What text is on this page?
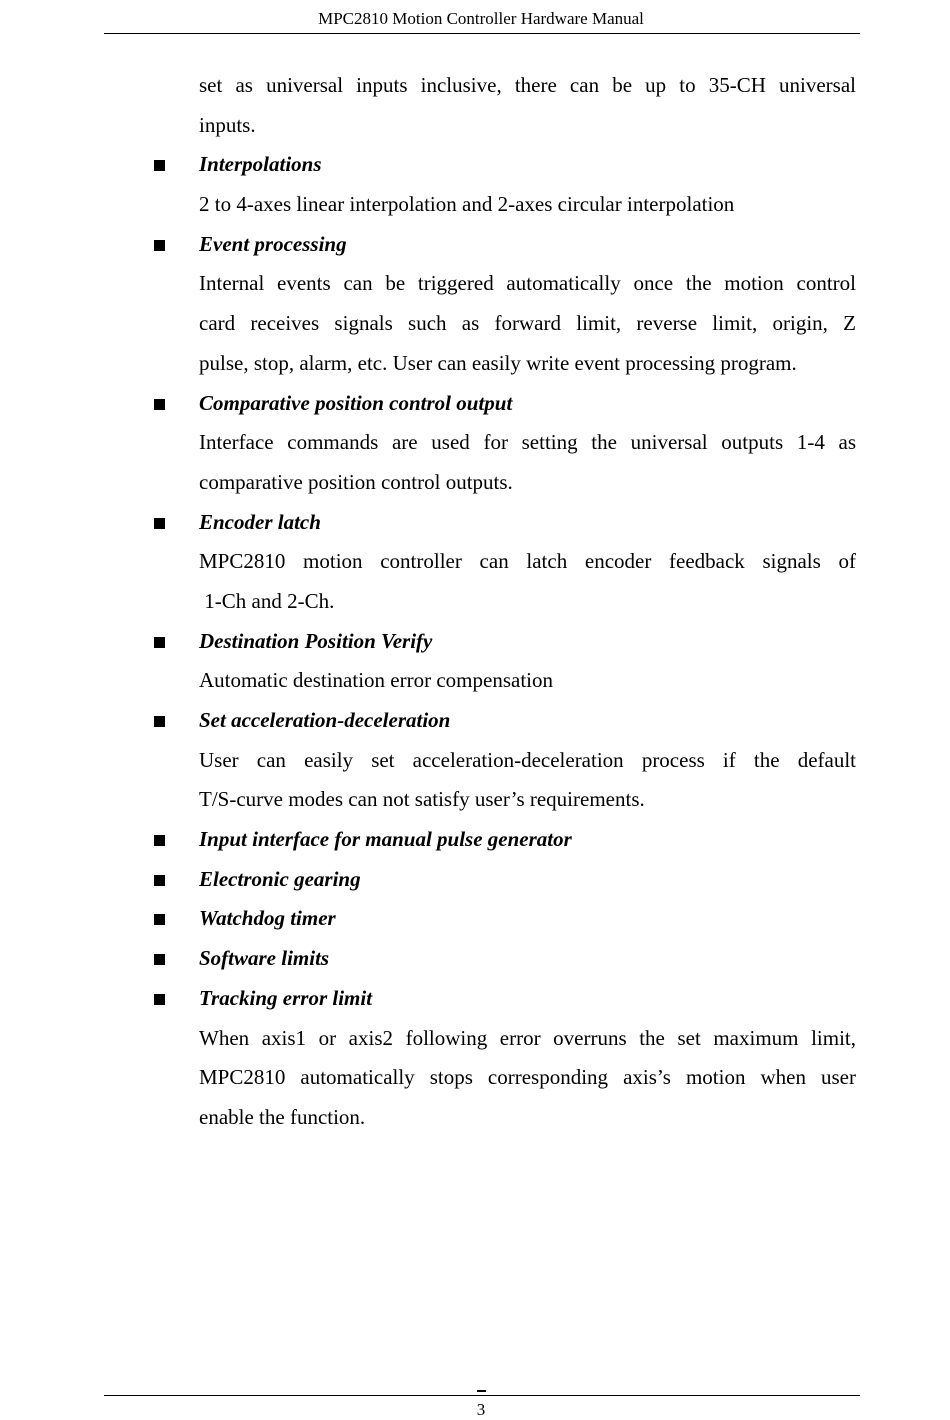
MPC2810 Motion Controller Hardware Manual
set as universal inputs inclusive, there can be up to 35-CH universal
inputs.
Interpolations
2 to 4-axes linear interpolation and 2-axes circular interpolation
Event processing
Internal events can be triggered automatically once the motion control
card receives signals such as forward limit, reverse limit, origin, Z
pulse, stop, alarm, etc. User can easily write event processing program.
Comparative position control output
Interface commands are used for setting the universal outputs 1-4 as
comparative position control outputs.
Encoder latch
MPC2810 motion controller can latch encoder feedback signals of
1-Ch and 2-Ch.
Destination Position Verify
Automatic destination error compensation
Set acceleration-deceleration
User can easily set acceleration-deceleration process if the default
T/S-curve modes can not satisfy user’s requirements.
Input interface for manual pulse generator
Electronic gearing
Watchdog timer
Software limits
Tracking error limit
When axis1 or axis2 following error overruns the set maximum limit,
MPC2810 automatically stops corresponding axis’s motion when user
enable the function.
3
